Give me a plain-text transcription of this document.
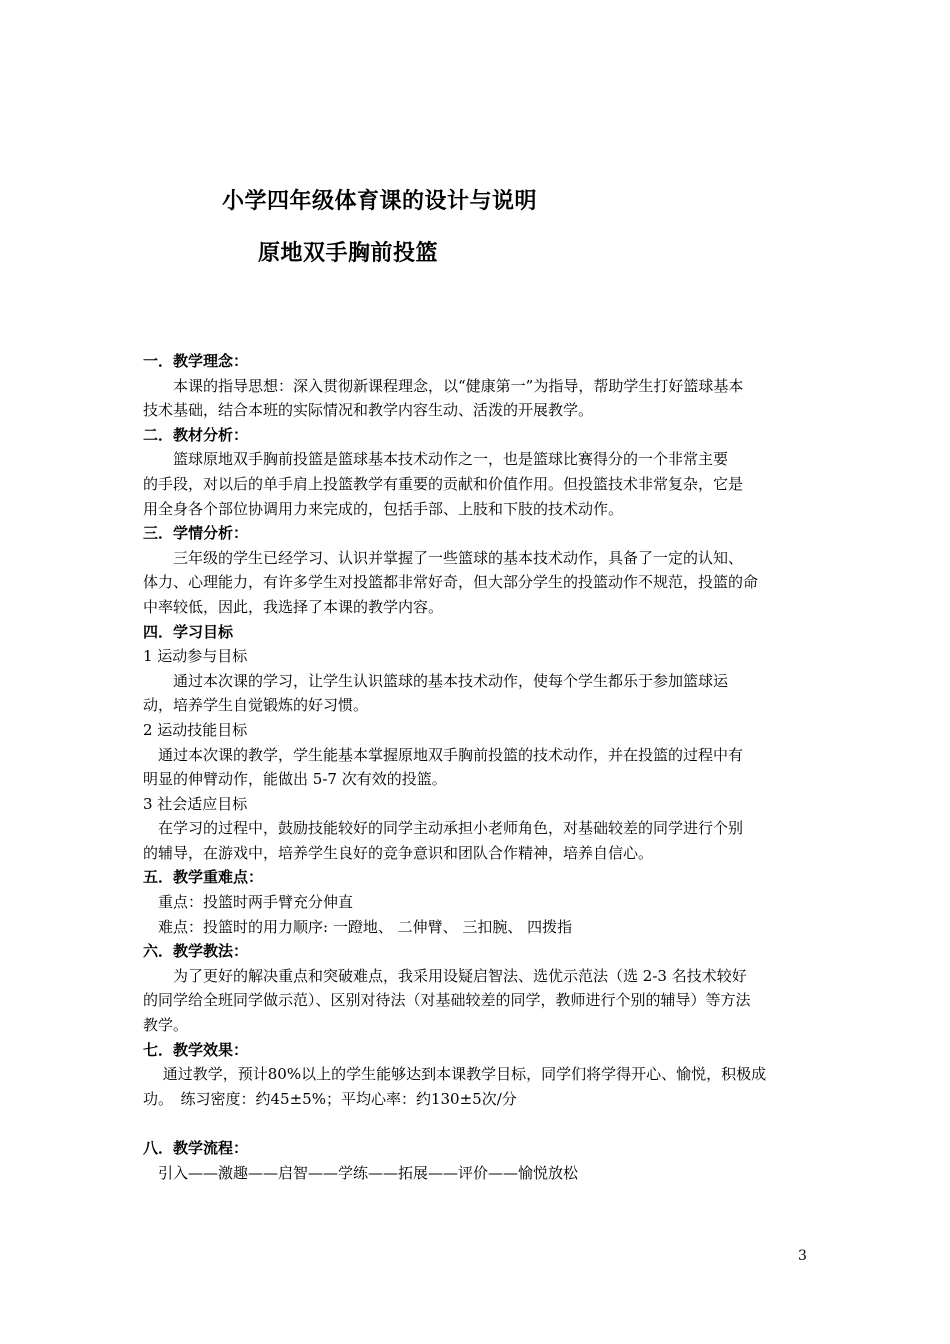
小学四年级体育课的设计与说明
原地双手胸前投篮
一．教学理念：
　　本课的指导思想：深入贯彻新课程理念，以“健康第一”为指导，帮助学生打好篮球基本
技术基础，结合本班的实际情况和教学内容生动、活泼的开展教学。
二．教材分析：
　　篮球原地双手胸前投篮是篮球基本技术动作之一，也是篮球比赛得分的一个非常主要
的手段，对以后的单手肩上投篮教学有重要的贡献和价值作用。但投篮技术非常复杂，它是
用全身各个部位协调用力来完成的，包括手部、上肢和下肢的技术动作。
三．学情分析：
　　三年级的学生已经学习、认识并掌握了一些篮球的基本技术动作，具备了一定的认知、
体力、心理能力，有许多学生对投篮都非常好奇，但大部分学生的投篮动作不规范，投篮的命
中率较低，因此，我选择了本课的教学内容。
四．学习目标
1 运动参与目标
　　通过本次课的学习，让学生认识篮球的基本技术动作，使每个学生都乐于参加篮球运
动，培养学生自觉锻炼的好习惯。
2 运动技能目标
　通过本次课的教学，学生能基本掌握原地双手胸前投篮的技术动作，并在投篮的过程中有
明显的伸臂动作，能做出 5-7 次有效的投篮。
3 社会适应目标
　在学习的过程中，鼓励技能较好的同学主动承担小老师角色，对基础较差的同学进行个别
的辅导，在游戏中，培养学生良好的竞争意识和团队合作精神，培养自信心。
五．教学重难点：
　重点：投篮时两手臂充分伸直
　难点：投篮时的用力顺序: 一蹬地、 二伸臂、 三扣腕、 四拨指
六．教学教法：
　　为了更好的解决重点和突破难点，我采用设疑启智法、选优示范法（选 2-3 名技术较好
的同学给全班同学做示范）、区别对待法（对基础较差的同学，教师进行个别的辅导）等方法
教学。
七．教学效果：
　 通过教学，预计80%以上的学生能够达到本课教学目标，同学们将学得开心、愉悦，积极成
功。　练习密度：约45±5%；平均心率：约130±5次/分
八．教学流程：
　引入——激趣——启智——学练——拓展——评价——愉悦放松
3
